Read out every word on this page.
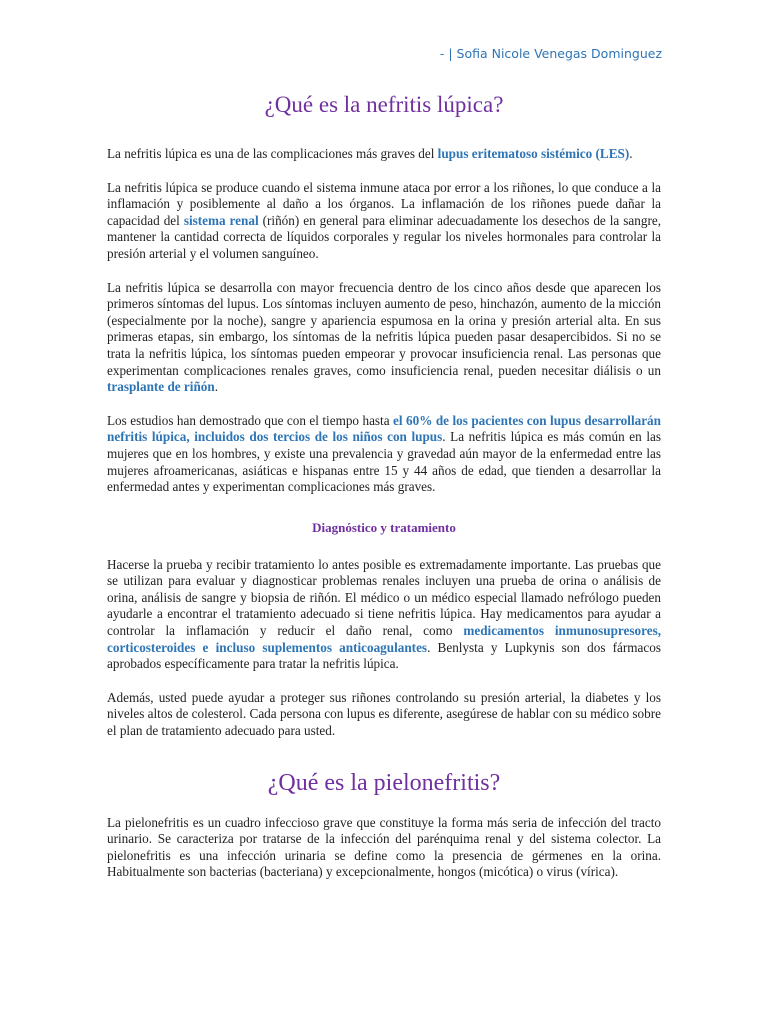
- | Sofia Nicole Venegas Dominguez
¿Qué es la nefritis lúpica?

La nefritis lúpica es una de las complicaciones más graves del lupus eritematoso sistémico (LES).

La nefritis lúpica se produce cuando el sistema inmune ataca por error a los riñones, lo que conduce a la inflamación y posiblemente al daño a los órganos. La inflamación de los riñones puede dañar la capacidad del sistema renal (riñón) en general para eliminar adecuadamente los desechos de la sangre, mantener la cantidad correcta de líquidos corporales y regular los niveles hormonales para controlar la presión arterial y el volumen sanguíneo.

La nefritis lúpica se desarrolla con mayor frecuencia dentro de los cinco años desde que aparecen los primeros síntomas del lupus. Los síntomas incluyen aumento de peso, hinchazón, aumento de la micción (especialmente por la noche), sangre y apariencia espumosa en la orina y presión arterial alta. En sus primeras etapas, sin embargo, los síntomas de la nefritis lúpica pueden pasar desapercibidos. Si no se trata la nefritis lúpica, los síntomas pueden empeorar y provocar insuficiencia renal. Las personas que experimentan complicaciones renales graves, como insuficiencia renal, pueden necesitar diálisis o un trasplante de riñón.

Los estudios han demostrado que con el tiempo hasta el 60% de los pacientes con lupus desarrollarán nefritis lúpica, incluidos dos tercios de los niños con lupus. La nefritis lúpica es más común en las mujeres que en los hombres, y existe una prevalencia y gravedad aún mayor de la enfermedad entre las mujeres afroamericanas, asiáticas e hispanas entre 15 y 44 años de edad, que tienden a desarrollar la enfermedad antes y experimentan complicaciones más graves.

Diagnóstico y tratamiento

Hacerse la prueba y recibir tratamiento lo antes posible es extremadamente importante. Las pruebas que se utilizan para evaluar y diagnosticar problemas renales incluyen una prueba de orina o análisis de orina, análisis de sangre y biopsia de riñón. El médico o un médico especial llamado nefrólogo pueden ayudarle a encontrar el tratamiento adecuado si tiene nefritis lúpica. Hay medicamentos para ayudar a controlar la inflamación y reducir el daño renal, como medicamentos inmunosupresores, corticosteroides e incluso suplementos anticoagulantes. Benlysta y Lupkynis son dos fármacos aprobados específicamente para tratar la nefritis lúpica.

Además, usted puede ayudar a proteger sus riñones controlando su presión arterial, la diabetes y los niveles altos de colesterol. Cada persona con lupus es diferente, asegúrese de hablar con su médico sobre el plan de tratamiento adecuado para usted.

¿Qué es la pielonefritis?

La pielonefritis es un cuadro infeccioso grave que constituye la forma más seria de infección del tracto urinario. Se caracteriza por tratarse de la infección del parénquima renal y del sistema colector. La pielonefritis es una infección urinaria se define como la presencia de gérmenes en la orina. Habitualmente son bacterias (bacteriana) y excepcionalmente, hongos (micótica) o virus (vírica).
